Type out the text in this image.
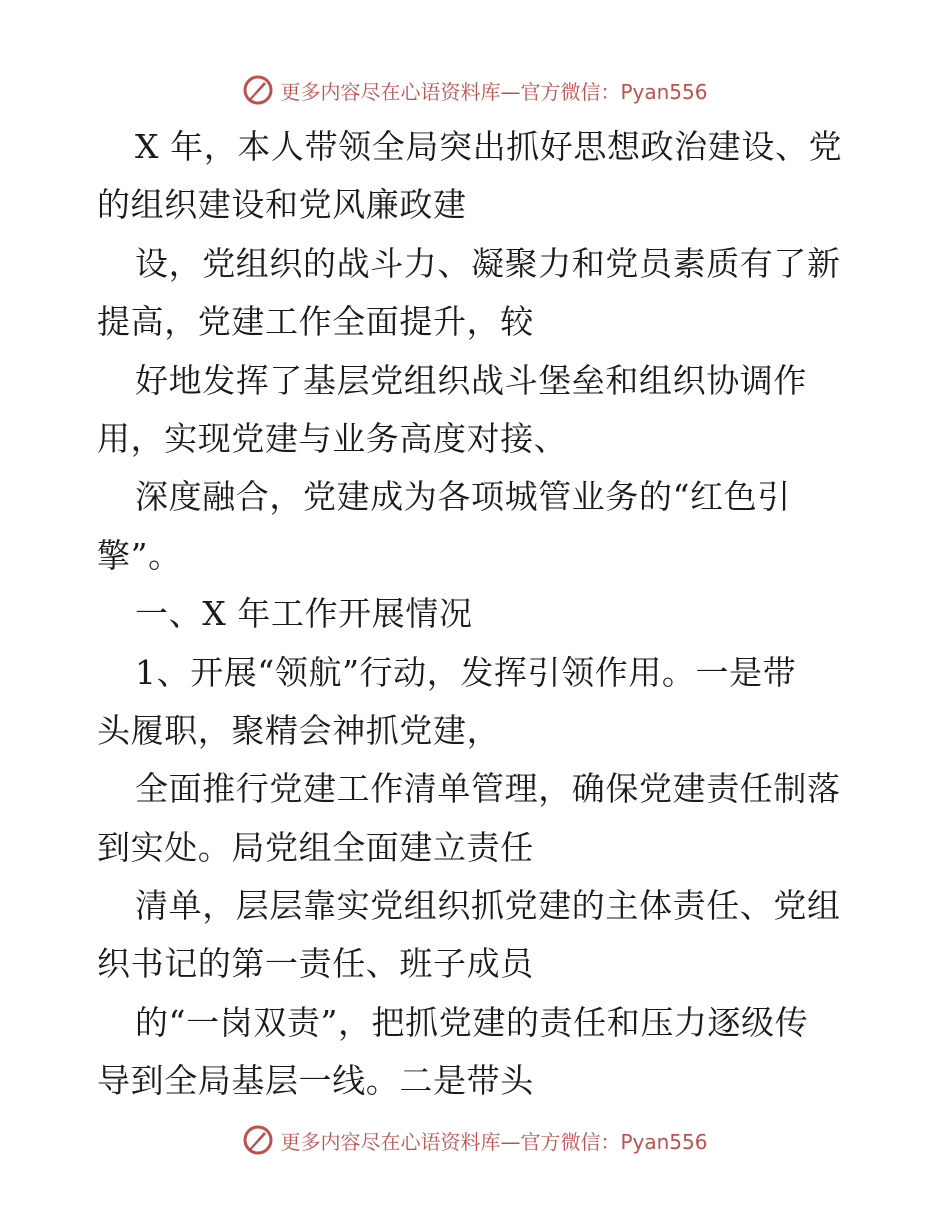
更多内容尽在心语资料库—官方微信：Pyan556
X 年，本人带领全局突出抓好思想政治建设、党
的组织建设和党风廉政建
设，党组织的战斗力、凝聚力和党员素质有了新
提高，党建工作全面提升，较
好地发挥了基层党组织战斗堡垒和组织协调作
用，实现党建与业务高度对接、
深度融合，党建成为各项城管业务的“红色引
擎”。
一、X 年工作开展情况
1、开展“领航”行动，发挥引领作用。一是带
头履职，聚精会神抓党建，
全面推行党建工作清单管理，确保党建责任制落
到实处。局党组全面建立责任
清单，层层靠实党组织抓党建的主体责任、党组
织书记的第一责任、班子成员
的“一岗双责”，把抓党建的责任和压力逐级传
导到全局基层一线。二是带头
更多内容尽在心语资料库—官方微信：Pyan556
